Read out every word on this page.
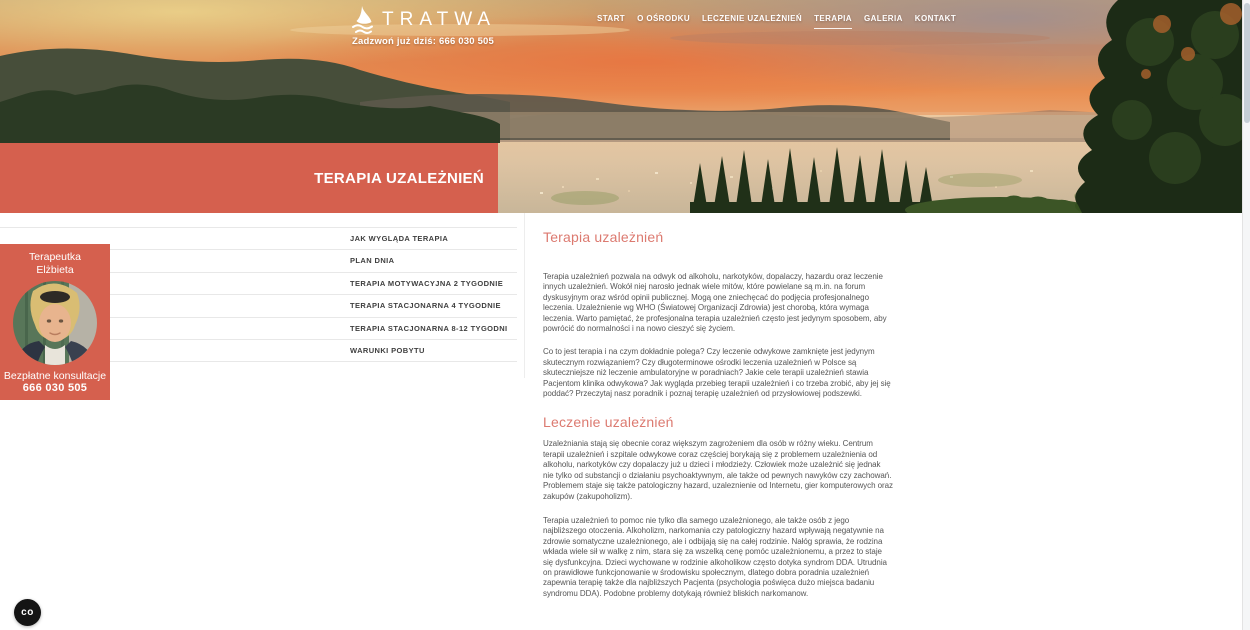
TRATWA
Zadzwoń już dziś: 666 030 505
START O OŚRODKU LECZENIE UZALEŻNIEŃ TERAPIA GALERIA KONTAKT
TERAPIA UZALEŻNIEŃ
JAK WYGLĄDA TERAPIA
PLAN DNIA
TERAPIA MOTYWACYJNA 2 TYGODNIE
TERAPIA STACJONARNA 4 TYGODNIE
TERAPIA STACJONARNA 8-12 TYGODNI
WARUNKI POBYTU
Terapeutka
Elżbieta
Bezpłatne konsultacje
666 030 505
Terapia uzależnień

Terapia uzależnień pozwala na odwyk od alkoholu, narkotyków, dopalaczy, hazardu oraz leczenie innych uzależnień. Wokół niej narosło jednak wiele mitów, które powielane są m.in. na forum dyskusyjnym oraz wśród opinii publicznej. Mogą one zniechęcać do podjęcia profesjonalnego leczenia. Uzależnienie wg WHO (Światowej Organizacji Zdrowia) jest chorobą, która wymaga leczenia. Warto pamiętać, że profesjonalna terapia uzależnień często jest jedynym sposobem, aby powrócić do normalności i na nowo cieszyć się życiem.

Co to jest terapia i na czym dokładnie polega? Czy leczenie odwykowe zamknięte jest jedynym skutecznym rozwiązaniem? Czy długoterminowe ośrodki leczenia uzależnień w Polsce są skuteczniejsze niż leczenie ambulatoryjne w poradniach? Jakie cele terapii uzależnień stawia Pacjentom klinika odwykowa? Jak wygląda przebieg terapii uzależnień i co trzeba zrobić, aby jej się poddać? Przeczytaj nasz poradnik i poznaj terapię uzależnień od przysłowiowej podszewki.

Leczenie uzależnień

Uzależniania stają się obecnie coraz większym zagrożeniem dla osób w różny wieku. Centrum terapii uzależnień i szpitale odwykowe coraz częściej borykają się z problemem uzależnienia od alkoholu, narkotyków czy dopalaczy już u dzieci i młodzieży. Człowiek może uzależnić się jednak nie tylko od substancji o działaniu psychoaktywnym, ale także od pewnych nawyków czy zachowań. Problemem staje się także patologiczny hazard, uzaleznienie od Internetu, gier komputerowych oraz zakupów (zakupoholizm).

Terapia uzależnień to pomoc nie tylko dla samego uzależnionego, ale także osób z jego najbliższego otoczenia. Alkoholizm, narkomania czy patologiczny hazard wpływają negatywnie na zdrowie somatyczne uzależnionego, ale i odbijają się na całej rodzinie. Nałóg sprawia, że rodzina wkłada wiele sił w walkę z nim, stara się za wszelką cenę pomóc uzależnionemu, a przez to staje się dysfunkcyjna. Dzieci wychowane w rodzinie alkoholikow często dotyka syndrom DDA. Utrudnia on prawidłowe funkcjonowanie w środowisku społecznym, dlatego dobra poradnia uzależnień zapewnia terapię także dla najbliższych Pacjenta (psychologia poświęca dużo miejsca badaniu syndromu DDA). Podobne problemy dotykają również bliskich narkomanow.

co
